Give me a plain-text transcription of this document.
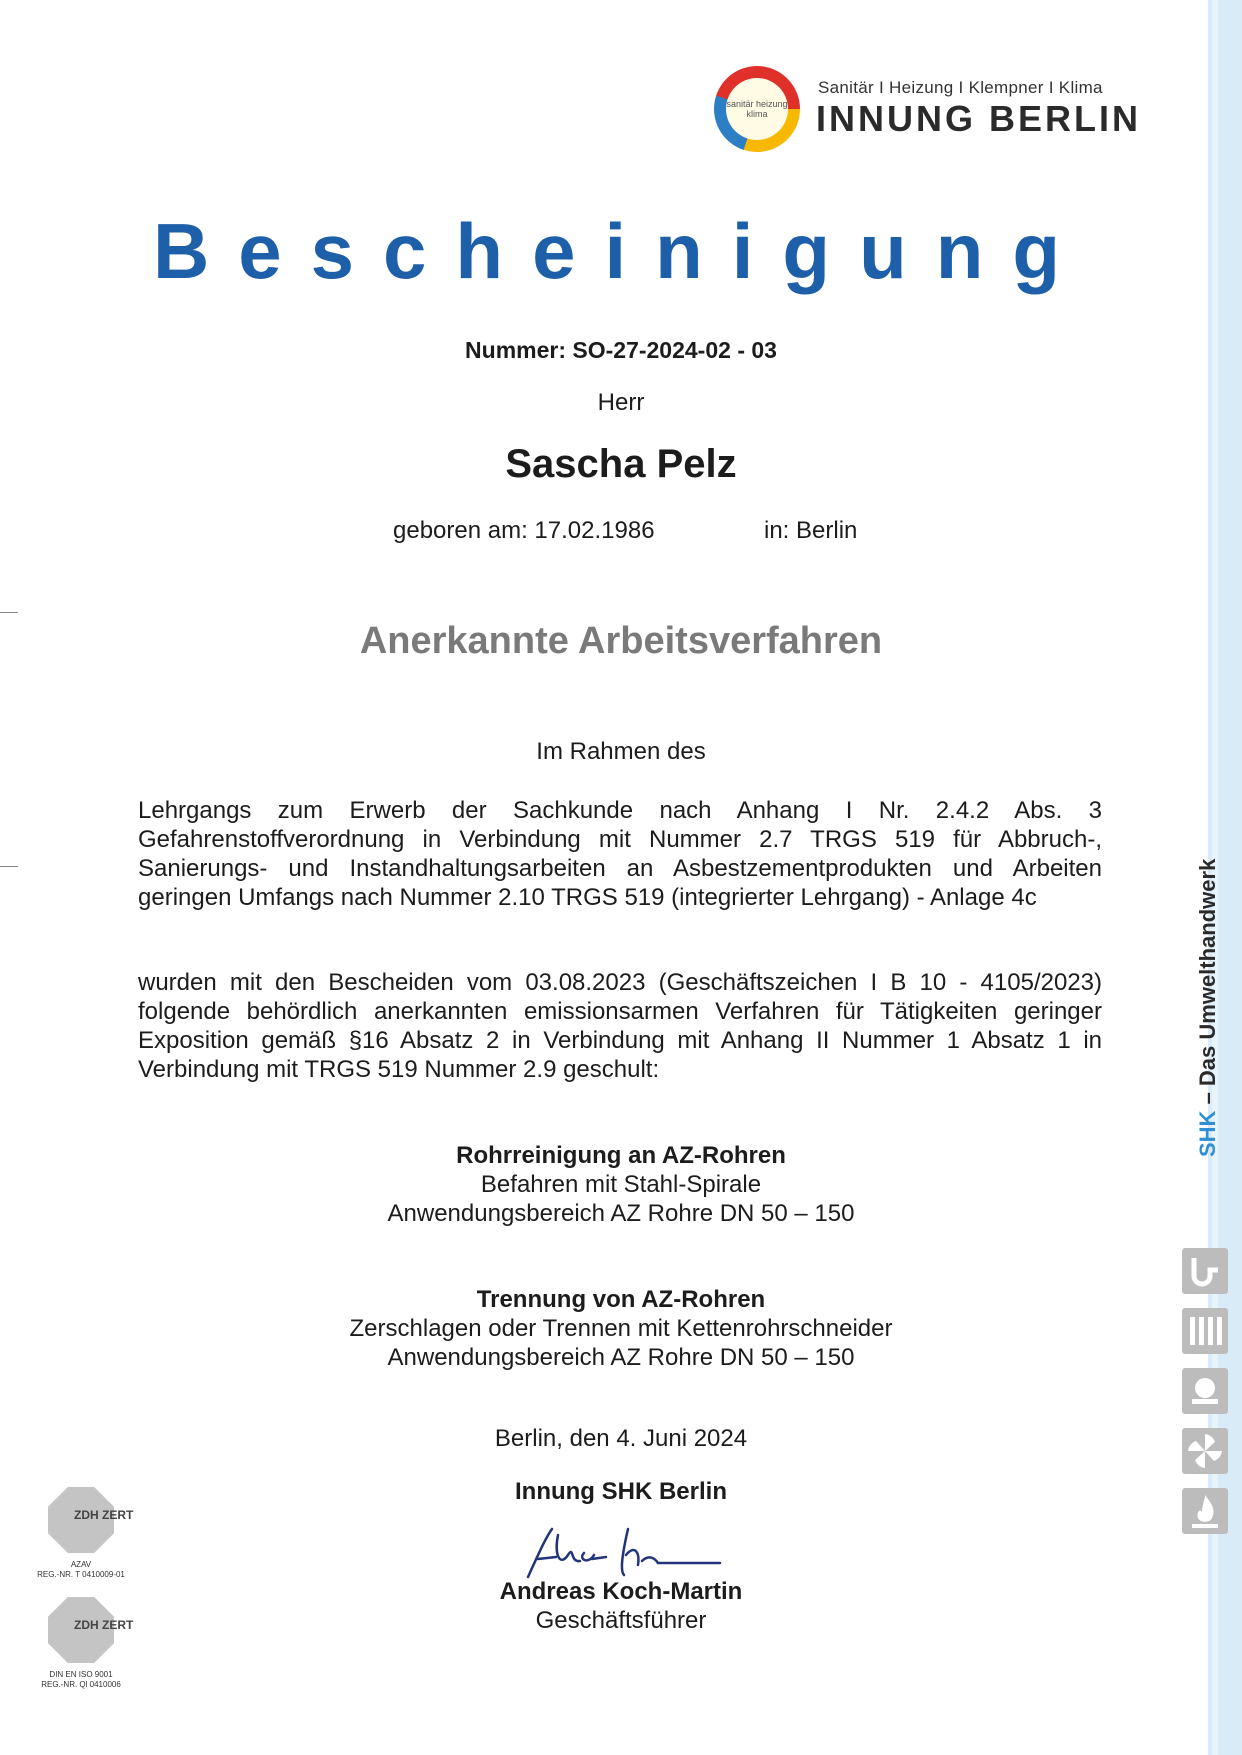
SHK – Das Umwelthandwerk
sanitär heizung klima
Sanitär I Heizung I Klempner I Klima
INNUNG BERLIN
Bescheinigung
Nummer: SO-27-2024-02 - 03
Herr
Sascha Pelz
geboren am: 17.02.1986	in: Berlin
Anerkannte Arbeitsverfahren
Im Rahmen des
Lehrgangs zum Erwerb der Sachkunde nach Anhang I Nr. 2.4.2 Abs. 3 Gefahrenstoffverordnung in Verbindung mit Nummer 2.7 TRGS 519 für Abbruch-, Sanierungs- und Instandhaltungsarbeiten an Asbestzementprodukten und Arbeiten geringen Umfangs nach Nummer 2.10 TRGS 519 (integrierter Lehrgang) - Anlage 4c
wurden mit den Bescheiden vom 03.08.2023 (Geschäftszeichen I B 10 - 4105/2023) folgende behördlich anerkannten emissionsarmen Verfahren für Tätigkeiten geringer Exposition gemäß §16 Absatz 2 in Verbindung mit Anhang II Nummer 1 Absatz 1 in Verbindung mit TRGS 519 Nummer 2.9 geschult:
Rohrreinigung an AZ-Rohren
Befahren mit Stahl-Spirale
Anwendungsbereich AZ Rohre DN 50 – 150
Trennung von AZ-Rohren
Zerschlagen oder Trennen mit Kettenrohrschneider
Anwendungsbereich AZ Rohre DN 50 – 150
Berlin, den 4. Juni 2024
Innung SHK Berlin
Andreas Koch-Martin
Geschäftsführer
ZDH ZERT
AZAV
REG.-NR. T 0410009-01
ZDH ZERT
DIN EN ISO 9001
REG.-NR. Ql 0410006
